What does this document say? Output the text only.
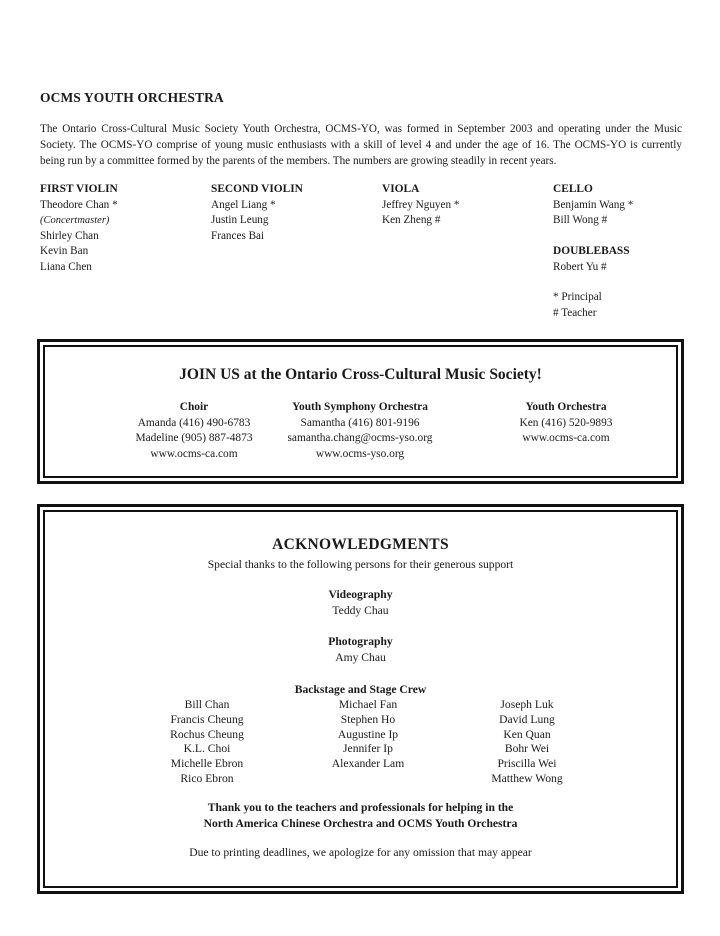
OCMS YOUTH ORCHESTRA
The Ontario Cross-Cultural Music Society Youth Orchestra, OCMS-YO, was formed in September 2003 and operating under the Music Society. The OCMS-YO comprise of young music enthusiasts with a skill of level 4 and under the age of 16. The OCMS-YO is currently being run by a committee formed by the parents of the members. The numbers are growing steadily in recent years.
FIRST VIOLIN
Theodore Chan *
(Concertmaster)
Shirley Chan
Kevin Ban
Liana Chen
SECOND VIOLIN
Angel Liang *
Justin Leung
Frances Bai
VIOLA
Jeffrey Nguyen *
Ken Zheng #
CELLO
Benjamin Wang *
Bill Wong #
DOUBLEBASS
Robert Yu #
* Principal
# Teacher
JOIN US at the Ontario Cross-Cultural Music Society!
Choir
Amanda (416) 490-6783
Madeline (905) 887-4873
www.ocms-ca.com
Youth Symphony Orchestra
Samantha (416) 801-9196
samantha.chang@ocms-yso.org
www.ocms-yso.org
Youth Orchestra
Ken (416) 520-9893
www.ocms-ca.com
ACKNOWLEDGMENTS
Special thanks to the following persons for their generous support
Videography
Teddy Chau
Photography
Amy Chau
Backstage and Stage Crew
Bill Chan
Francis Cheung
Rochus Cheung
K.L. Choi
Michelle Ebron
Rico Ebron
Michael Fan
Stephen Ho
Augustine Ip
Jennifer Ip
Alexander Lam
Joseph Luk
David Lung
Ken Quan
Bohr Wei
Priscilla Wei
Matthew Wong
Thank you to the teachers and professionals for helping in the
North America Chinese Orchestra and OCMS Youth Orchestra
Due to printing deadlines, we apologize for any omission that may appear
